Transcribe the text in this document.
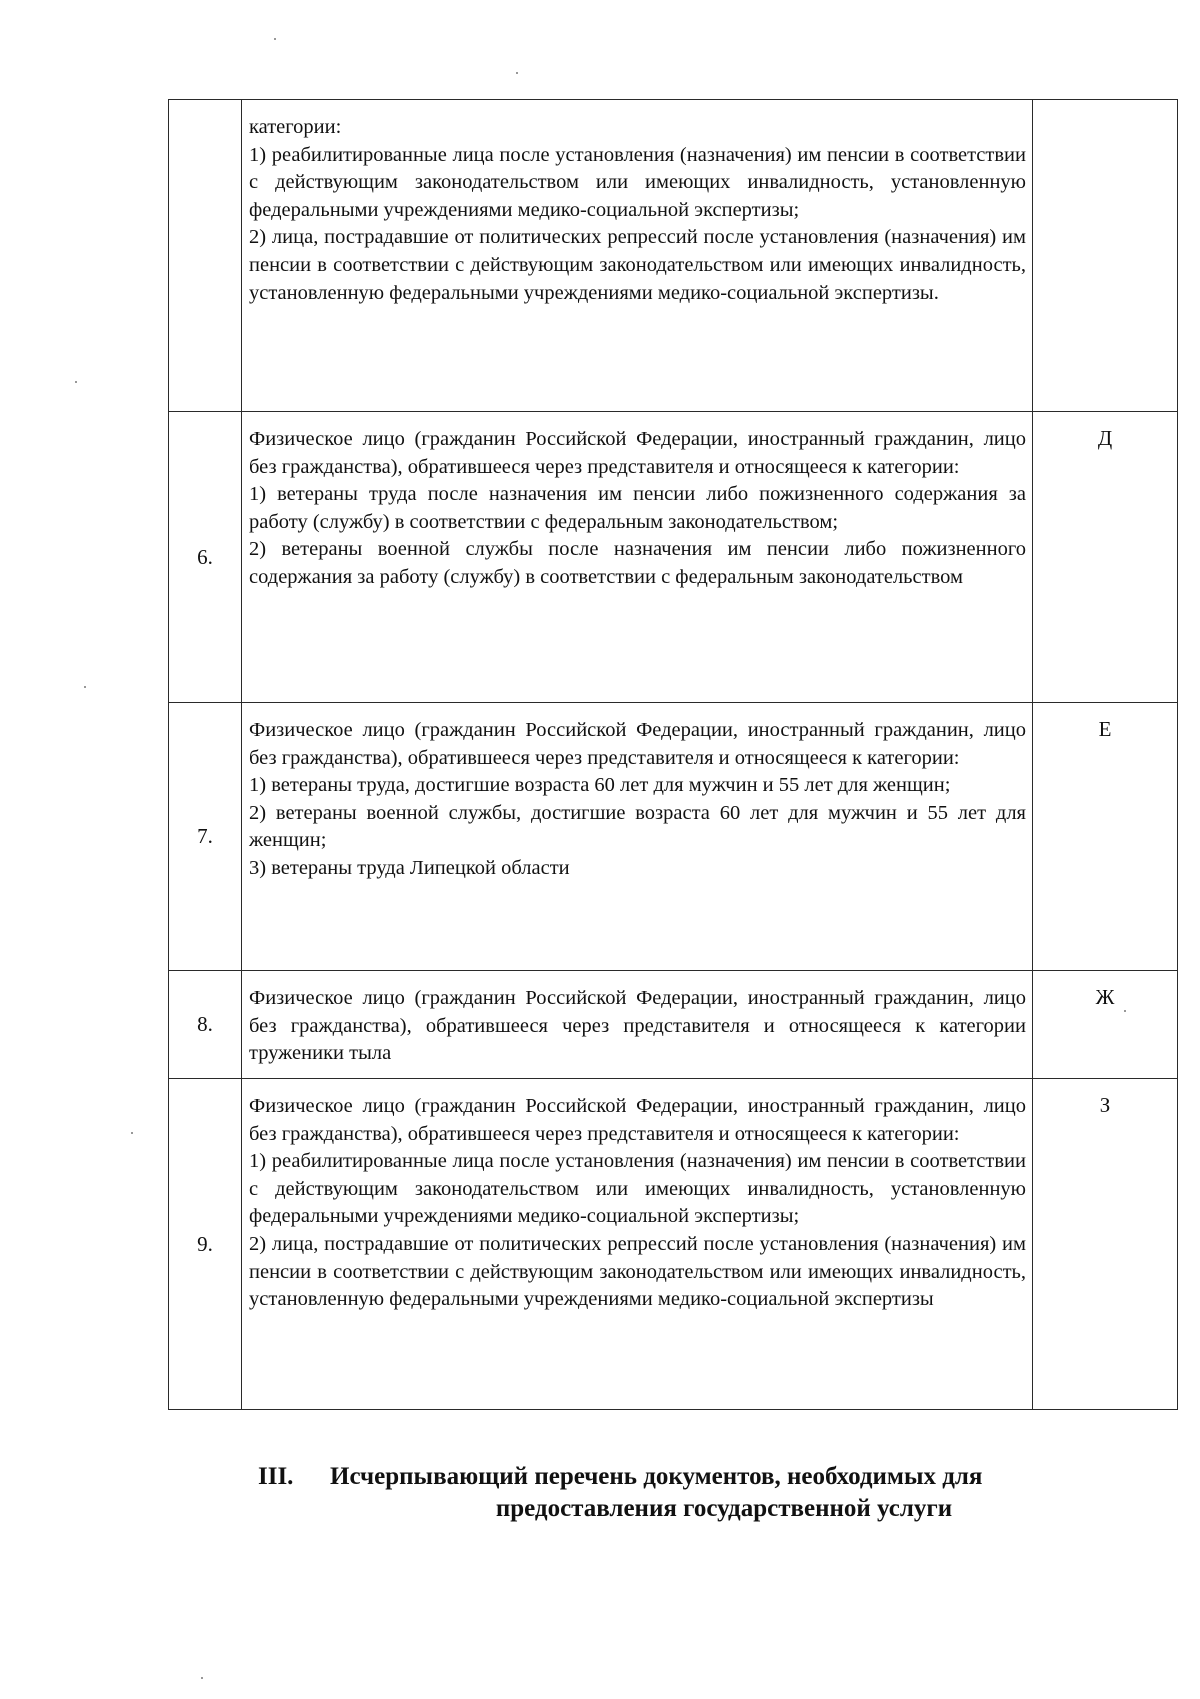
	категории:

1) реабилитированные лица после установления (назначения) им пенсии в соответствии с действующим законодательством или имеющих инвалидность, установленную федеральными учреждениями медико-социальной экспертизы;

2) лица, пострадавшие от политических репрессий после установления (назначения) им пенсии в соответствии с действующим законодательством или имеющих инвалидность, установленную федеральными учреждениями медико-социальной экспертизы.	

6.	Физическое лицо (гражданин Российской Федерации, иностранный гражданин, лицо без гражданства), обратившееся через представителя и относящееся к категории:

1) ветераны труда после назначения им пенсии либо пожизненного содержания за работу (службу) в соответствии с федеральным законодательством;

2) ветераны военной службы после назначения им пенсии либо пожизненного содержания за работу (службу) в соответствии с федеральным законодательством	Д
7.	Физическое лицо (гражданин Российской Федерации, иностранный гражданин, лицо без гражданства), обратившееся через представителя и относящееся к категории:

1) ветераны труда, достигшие возраста 60 лет для мужчин и 55 лет для женщин;

2) ветераны военной службы, достигшие возраста 60 лет для мужчин и 55 лет для женщин;

3) ветераны труда Липецкой области	Е
8.	Физическое лицо (гражданин Российской Федерации, иностранный гражданин, лицо без гражданства), обратившееся через представителя и относящееся к категории труженики тыла	Ж
9.	Физическое лицо (гражданин Российской Федерации, иностранный гражданин, лицо без гражданства), обратившееся через представителя и относящееся к категории:

1) реабилитированные лица после установления (назначения) им пенсии в соответствии с действующим законодательством или имеющих инвалидность, установленную федеральными учреждениями медико-социальной экспертизы;

2) лица, пострадавшие от политических репрессий после установления (назначения) им пенсии в соответствии с действующим законодательством или имеющих инвалидность, установленную федеральными учреждениями медико-социальной экспертизы	З
III.	Исчерпывающий перечень документов, необходимых для
предоставления государственной услуги
